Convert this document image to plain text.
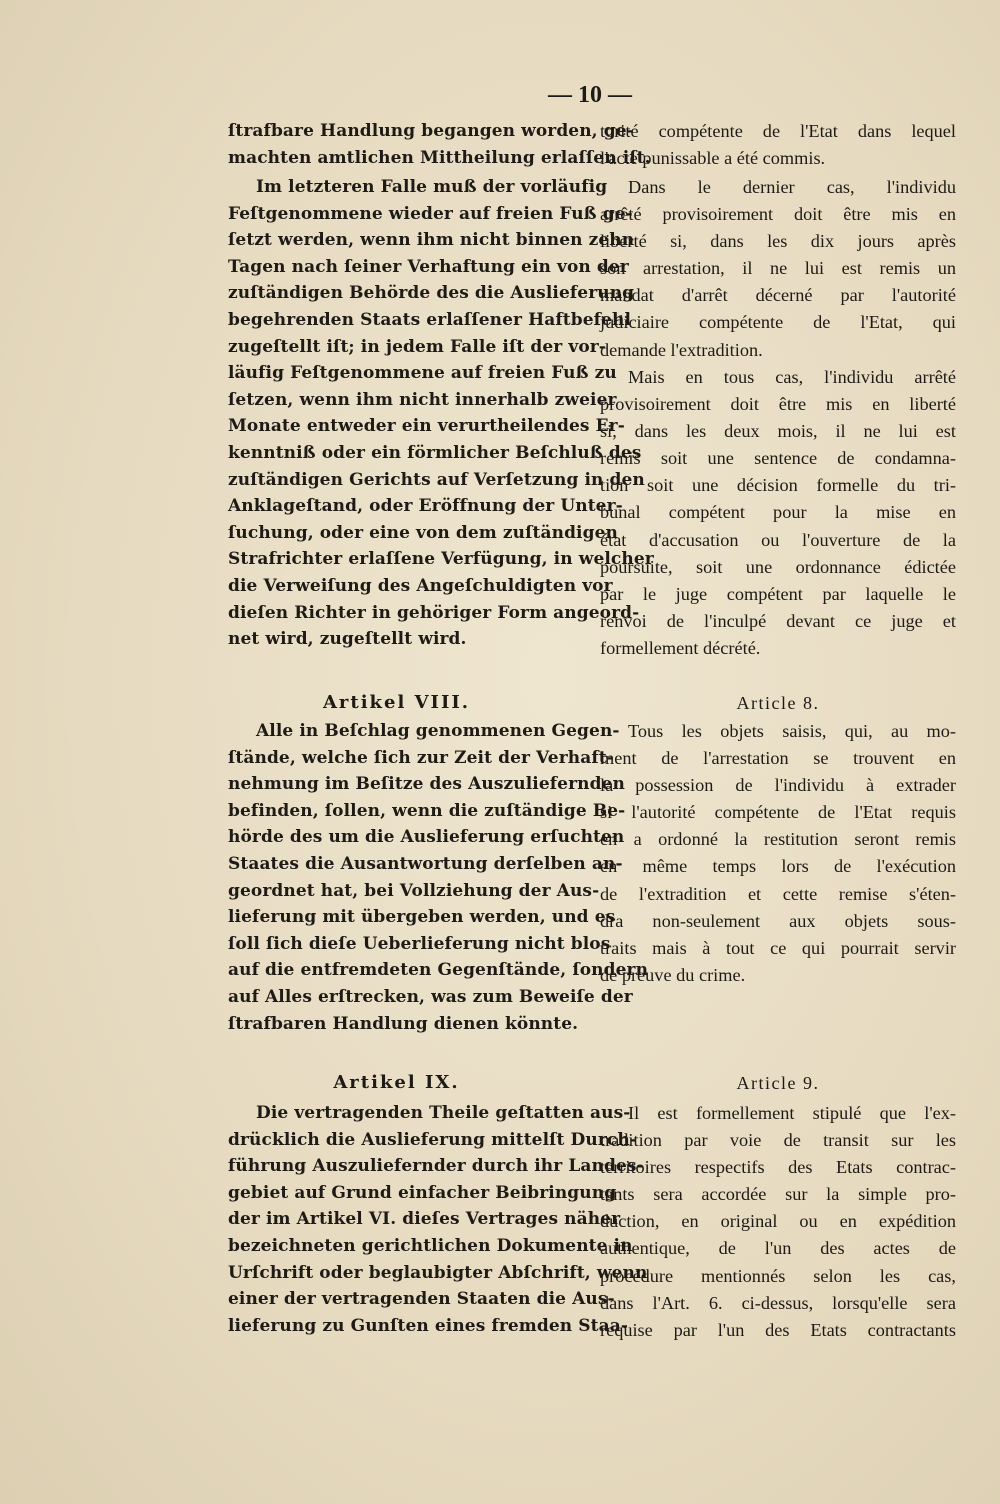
— 10 —
ſtrafbare Handlung begangen worden, ge-
machten amtlichen Mittheilung erlaſſen iſt.
Im letzteren Falle muß der vorläufig
Feſtgenommene wieder auf freien Fuß ge-
ſetzt werden, wenn ihm nicht binnen zehn
Tagen nach ſeiner Verhaftung ein von der
zuſtändigen Behörde des die Auslieferung
begehrenden Staats erlaſſener Haftbefehl
zugeſtellt iſt; in jedem Falle iſt der vor-
läufig Feſtgenommene auf freien Fuß zu
ſetzen, wenn ihm nicht innerhalb zweier
Monate entweder ein verurtheilendes Er-
kenntniß oder ein förmlicher Beſchluß des
zuſtändigen Gerichts auf Verſetzung in den
Anklageſtand, oder Eröffnung der Unter-
ſuchung, oder eine von dem zuſtändigen
Strafrichter erlaſſene Verfügung, in welcher
die Verweiſung des Angeſchuldigten vor
dieſen Richter in gehöriger Form angeord-
net wird, zugeſtellt wird.
Artikel VIII.
Alle in Beſchlag genommenen Gegen-
ſtände, welche ſich zur Zeit der Verhaft-
nehmung im Beſitze des Auszuliefernden
befinden, ſollen, wenn die zuſtändige Be-
hörde des um die Auslieferung erſuchten
Staates die Ausantwortung derſelben an-
geordnet hat, bei Vollziehung der Aus-
lieferung mit übergeben werden, und es
ſoll ſich dieſe Ueberlieferung nicht blos
auf die entfremdeten Gegenſtände, ſondern
auf Alles erſtrecken, was zum Beweiſe der
ſtrafbaren Handlung dienen könnte.
Artikel IX.
Die vertragenden Theile geſtatten aus-
drücklich die Auslieferung mittelſt Durch-
führung Auszuliefernder durch ihr Landes-
gebiet auf Grund einfacher Beibringung
der im Artikel VI. dieſes Vertrages näher
bezeichneten gerichtlichen Dokumente in
Urſchrift oder beglaubigter Abſchrift, wenn
einer der vertragenden Staaten die Aus-
lieferung zu Gunſten eines fremden Staa-
torité compétente de l'Etat dans lequel
l'acte punissable a été commis.
Dans le dernier cas, l'individu
arrêté provisoirement doit être mis en
liberté si, dans les dix jours après
son arrestation, il ne lui est remis un
mandat d'arrêt décerné par l'autorité
judiciaire compétente de l'Etat, qui
demande l'extradition.
Mais en tous cas, l'individu arrêté
provisoirement doit être mis en liberté
si, dans les deux mois, il ne lui est
remis soit une sentence de condamna-
tion soit une décision formelle du tri-
bunal compétent pour la mise en
état d'accusation ou l'ouverture de la
poursuite, soit une ordonnance édictée
par le juge compétent par laquelle le
renvoi de l'inculpé devant ce juge et
formellement décrété.
Article 8.
Tous les objets saisis, qui, au mo-
ment de l'arrestation se trouvent en
la possession de l'individu à extrader
si l'autorité compétente de l'Etat requis
en a ordonné la restitution seront remis
en même temps lors de l'exécution
de l'extradition et cette remise s'éten-
dra non-seulement aux objets sous-
traits mais à tout ce qui pourrait servir
de preuve du crime.
Article 9.
Il est formellement stipulé que l'ex-
tradition par voie de transit sur les
territoires respectifs des Etats contrac-
tants sera accordée sur la simple pro-
duction, en original ou en expédition
authentique, de l'un des actes de
procédure mentionnés selon les cas,
dans l'Art. 6. ci-dessus, lorsqu'elle sera
requise par l'un des Etats contractants
